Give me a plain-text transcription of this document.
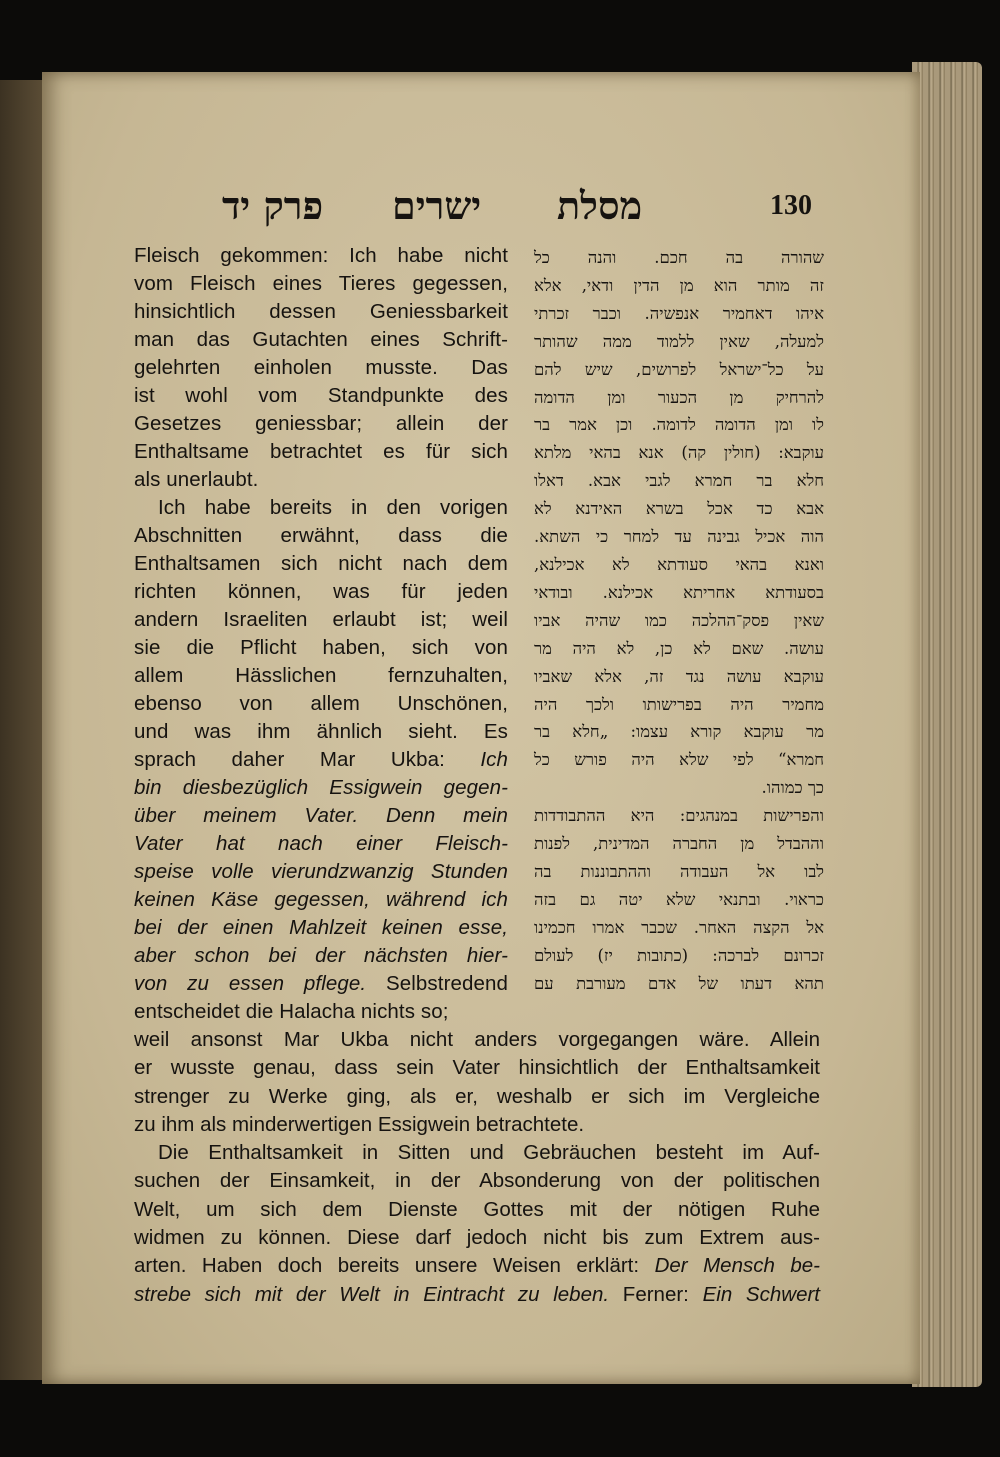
פרק יד ישרים מסלת	130
Fleisch gekommen: Ich habe nicht
vom Fleisch eines Tieres gegessen,
hinsichtlich dessen Geniessbarkeit
man das Gutachten eines Schrift-
gelehrten einholen musste. Das
ist wohl vom Standpunkte des
Gesetzes geniessbar; allein der
Enthaltsame betrachtet es für sich
als unerlaubt.
Ich habe bereits in den vorigen
Abschnitten erwähnt, dass die
Enthaltsamen sich nicht nach dem
richten können, was für jeden
andern Israeliten erlaubt ist; weil
sie die Pflicht haben, sich von
allem Hässlichen fernzuhalten,
ebenso von allem Unschönen,
und was ihm ähnlich sieht. Es
sprach daher Mar Ukba: Ich
bin diesbezüglich Essigwein gegen-
über meinem Vater. Denn mein
Vater hat nach einer Fleisch-
speise volle vierundzwanzig Stunden
keinen Käse gegessen, während ich
bei der einen Mahlzeit keinen esse,
aber schon bei der nächsten hier-
von zu essen pflege. Selbstredend
entscheidet die Halacha nichts so;
שהורה בה חכם. והנה כל
זה מותר הוא מן הדין ודאי, אלא
איהו דאחמיר אנפשיה. וכבר זכרתי
למעלה, שאין ללמוד ממה שהותר
על כל־ישראל לפרושים, שיש להם
להרחיק מן הכעור ומן הדומה
לו ומן הדומה לדומה. וכן אמר בר
עוקבא: (חולין קה) אנא בהאי מלתא
חלא בר חמרא לגבי אבא. דאלו
אבא כד אכל בשרא האידנא לא
הוה אכיל גבינה עד למחר כי השתא.
ואנא בהאי סעודתא לא אכילנא,
בסעודתא אחריתא אכילנא. ובודאי
שאין פסק־ההלכה כמו שהיה אביו
עושה. שאם לא כן, לא היה מר
עוקבא עושה נגד זה, אלא שאביו
מחמיר היה בפרישותו ולכך היה
מר עוקבא קורא עצמו: „חלא בר
חמרא“ לפי שלא היה פורש כל
כך כמוהו.
והפרישות במנהגים: היא ההתבודדות
וההבדל מן החברה המדינית, לפנות
לבו אל העבודה וההתבוננות בה
כראוי. ובתנאי שלא יטה גם בזה
אל הקצה האחר. שכבר אמרו חכמינו
זכרונם לברכה: (כתובות יז) לעולם
תהא דעתו של אדם מעורבת עם
weil ansonst Mar Ukba nicht anders vorgegangen wäre. Allein
er wusste genau, dass sein Vater hinsichtlich der Enthaltsamkeit
strenger zu Werke ging, als er, weshalb er sich im Vergleiche
zu ihm als minderwertigen Essigwein betrachtete.
Die Enthaltsamkeit in Sitten und Gebräuchen besteht im Auf-
suchen der Einsamkeit, in der Absonderung von der politischen
Welt, um sich dem Dienste Gottes mit der nötigen Ruhe
widmen zu können. Diese darf jedoch nicht bis zum Extrem aus-
arten. Haben doch bereits unsere Weisen erklärt: Der Mensch be-
strebe sich mit der Welt in Eintracht zu leben. Ferner: Ein Schwert
